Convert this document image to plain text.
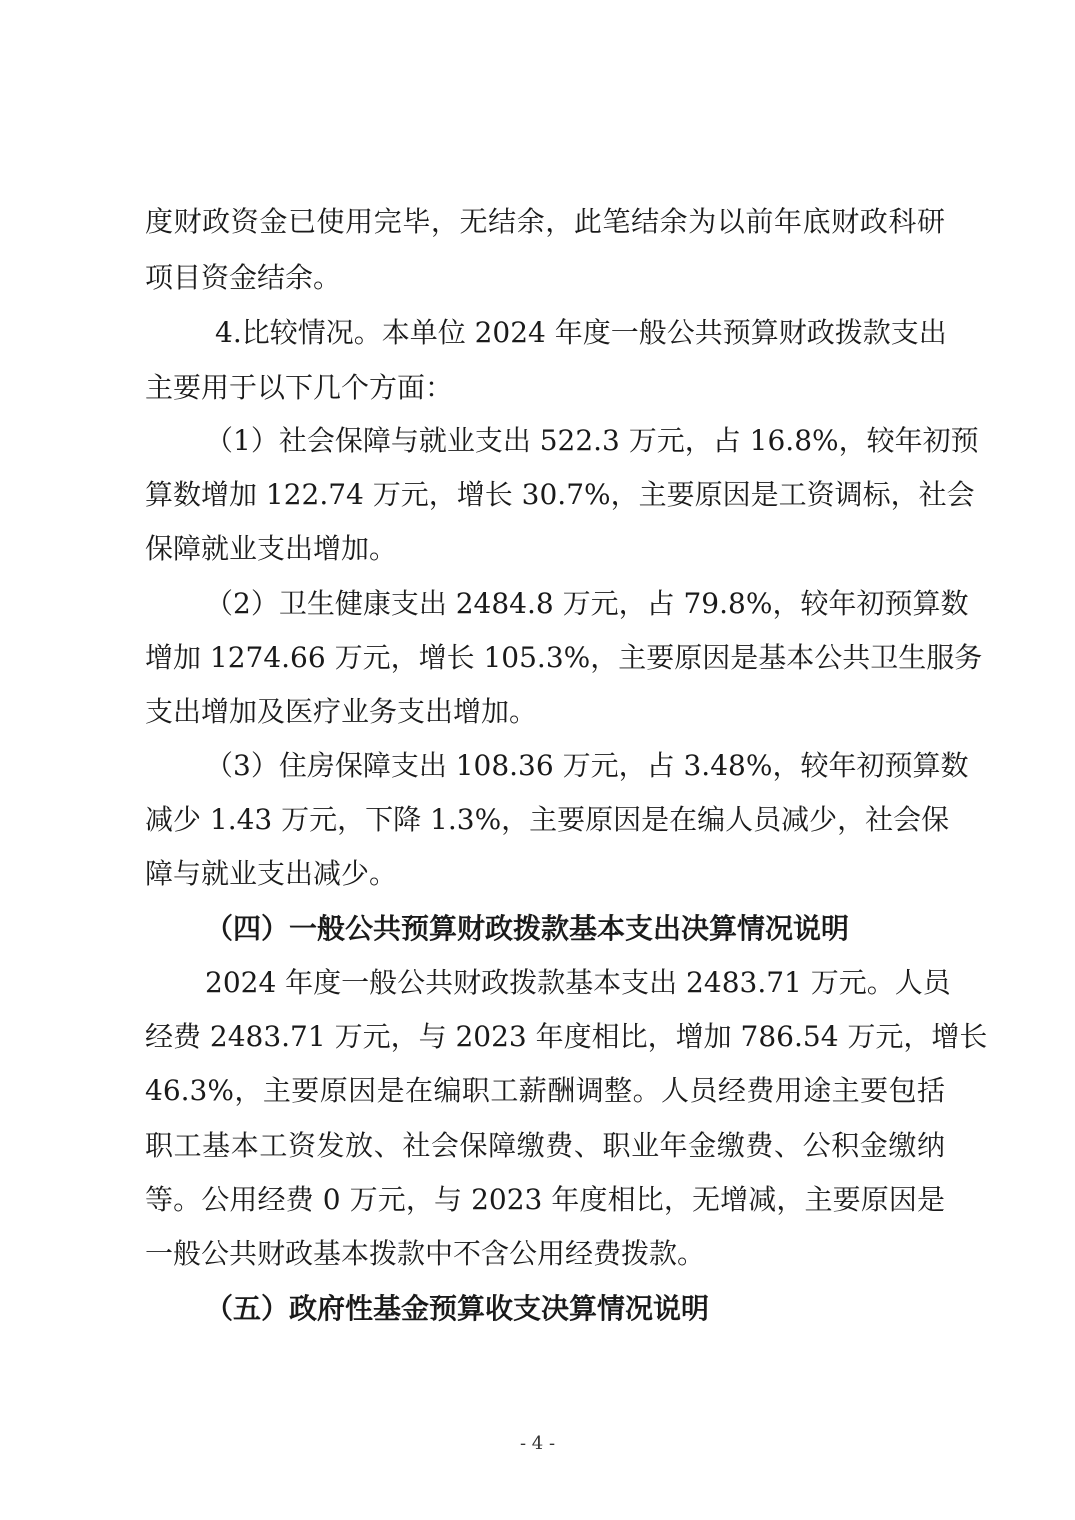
度财政资金已使用完毕，无结余，此笔结余为以前年底财政科研
项目资金结余。
4.比较情况。本单位 2024 年度一般公共预算财政拨款支出
主要用于以下几个方面：
（1）社会保障与就业支出 522.3 万元，占 16.8%，较年初预
算数增加 122.74 万元，增长 30.7%，主要原因是工资调标，社会
保障就业支出增加。
（2）卫生健康支出 2484.8 万元，占 79.8%，较年初预算数
增加 1274.66 万元，增长 105.3%，主要原因是基本公共卫生服务
支出增加及医疗业务支出增加。
（3）住房保障支出 108.36 万元，占 3.48%，较年初预算数
减少 1.43 万元，下降 1.3%，主要原因是在编人员减少，社会保
障与就业支出减少。
（四）一般公共预算财政拨款基本支出决算情况说明
2024 年度一般公共财政拨款基本支出 2483.71 万元。人员
经费 2483.71 万元，与 2023 年度相比，增加 786.54 万元，增长
46.3%，主要原因是在编职工薪酬调整。人员经费用途主要包括
职工基本工资发放、社会保障缴费、职业年金缴费、公积金缴纳
等。公用经费 0 万元，与 2023 年度相比，无增减，主要原因是
一般公共财政基本拨款中不含公用经费拨款。
（五）政府性基金预算收支决算情况说明
- 4 -
